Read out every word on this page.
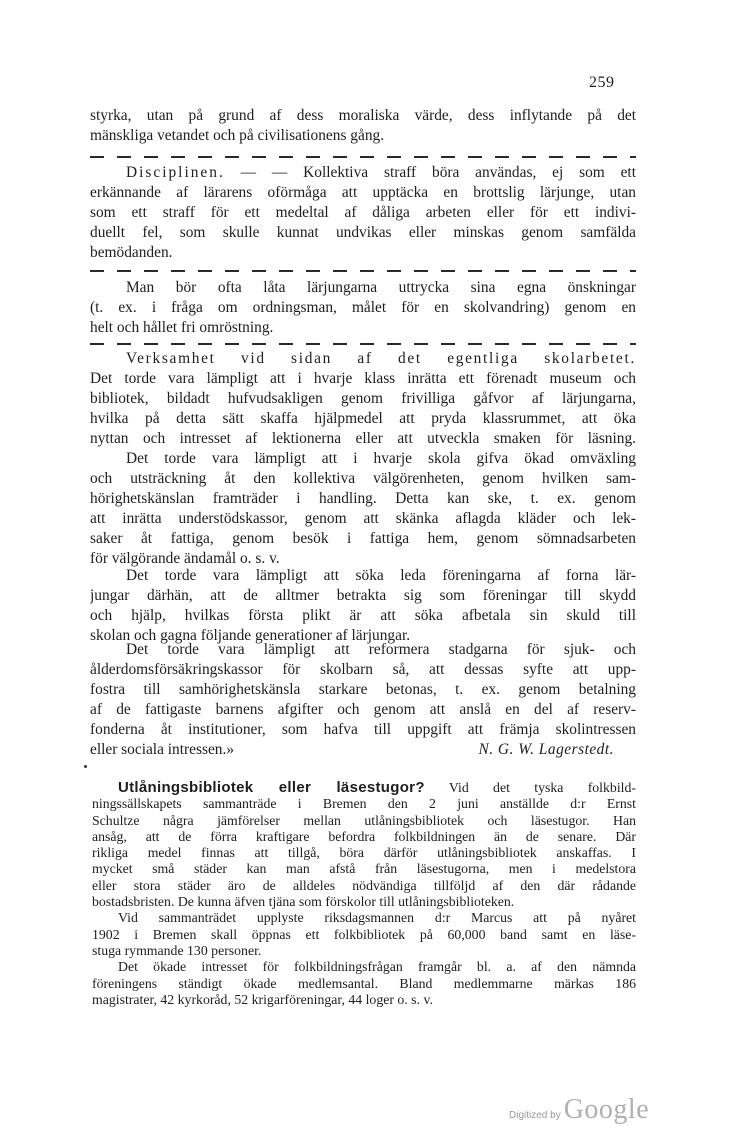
259
styrka, utan på grund af dess moraliska värde, dess inflytande på det
mänskliga vetandet och på civilisationens gång.
Disciplinen. — — Kollektiva straff böra användas, ej som ett
erkännande af lärarens oförmåga att upptäcka en brottslig lärjunge, utan
som ett straff för ett medeltal af dåliga arbeten eller för ett indivi-
duellt fel, som skulle kunnat undvikas eller minskas genom samfälda
bemödanden.
Man bör ofta låta lärjungarna uttrycka sina egna önskningar
(t. ex. i fråga om ordningsman, målet för en skolvandring) genom en
helt och hållet fri omröstning.
Verksamhet vid sidan af det egentliga skolarbetet.
Det torde vara lämpligt att i hvarje klass inrätta ett förenadt museum och
bibliotek, bildadt hufvudsakligen genom frivilliga gåfvor af lärjungarna,
hvilka på detta sätt skaffa hjälpmedel att pryda klassrummet, att öka
nyttan och intresset af lektionerna eller att utveckla smaken för läsning.
Det torde vara lämpligt att i hvarje skola gifva ökad omväxling
och utsträckning åt den kollektiva välgörenheten, genom hvilken sam-
hörighetskänslan framträder i handling. Detta kan ske, t. ex. genom
att inrätta understödskassor, genom att skänka aflagda kläder och lek-
saker åt fattiga, genom besök i fattiga hem, genom sömnadsarbeten
för välgörande ändamål o. s. v.
Det torde vara lämpligt att söka leda föreningarna af forna lär-
jungar därhän, att de alltmer betrakta sig som föreningar till skydd
och hjälp, hvilkas första plikt är att söka afbetala sin skuld till
skolan och gagna följande generationer af lärjungar.
Det torde vara lämpligt att reformera stadgarna för sjuk- och
ålderdomsförsäkringskassor för skolbarn så, att dessas syfte att upp-
fostra till samhörighetskänsla starkare betonas, t. ex. genom betalning
af de fattigaste barnens afgifter och genom att anslå en del af reserv-
fonderna åt institutioner, som hafva till uppgift att främja skolintressen
eller sociala intressen.»	N. G. W. Lagerstedt.
Utlåningsbibliotek eller läsestugor? Vid det tyska folkbild-
ningssällskapets sammanträde i Bremen den 2 juni anställde d:r Ernst
Schultze några jämförelser mellan utlåningsbibliotek och läsestugor. Han
ansåg, att de förra kraftigare befordra folkbildningen än de senare. Där
rikliga medel finnas att tillgå, böra därför utlåningsbibliotek anskaffas. I
mycket små städer kan man afstå från läsestugorna, men i medelstora
eller stora städer äro de alldeles nödvändiga tillföljd af den där rådande
bostadsbristen. De kunna äfven tjäna som förskolor till utlåningsbiblioteken.
Vid sammanträdet upplyste riksdagsmannen d:r Marcus att på nyåret
1902 i Bremen skall öppnas ett folkbibliotek på 60,000 band samt en läse-
stuga rymmande 130 personer.
Det ökade intresset för folkbildningsfrågan framgår bl. a. af den nämnda
föreningens ständigt ökade medlemsantal. Bland medlemmarne märkas 186
magistrater, 42 kyrkoråd, 52 krigarföreningar, 44 loger o. s. v.
Digitized by Google
